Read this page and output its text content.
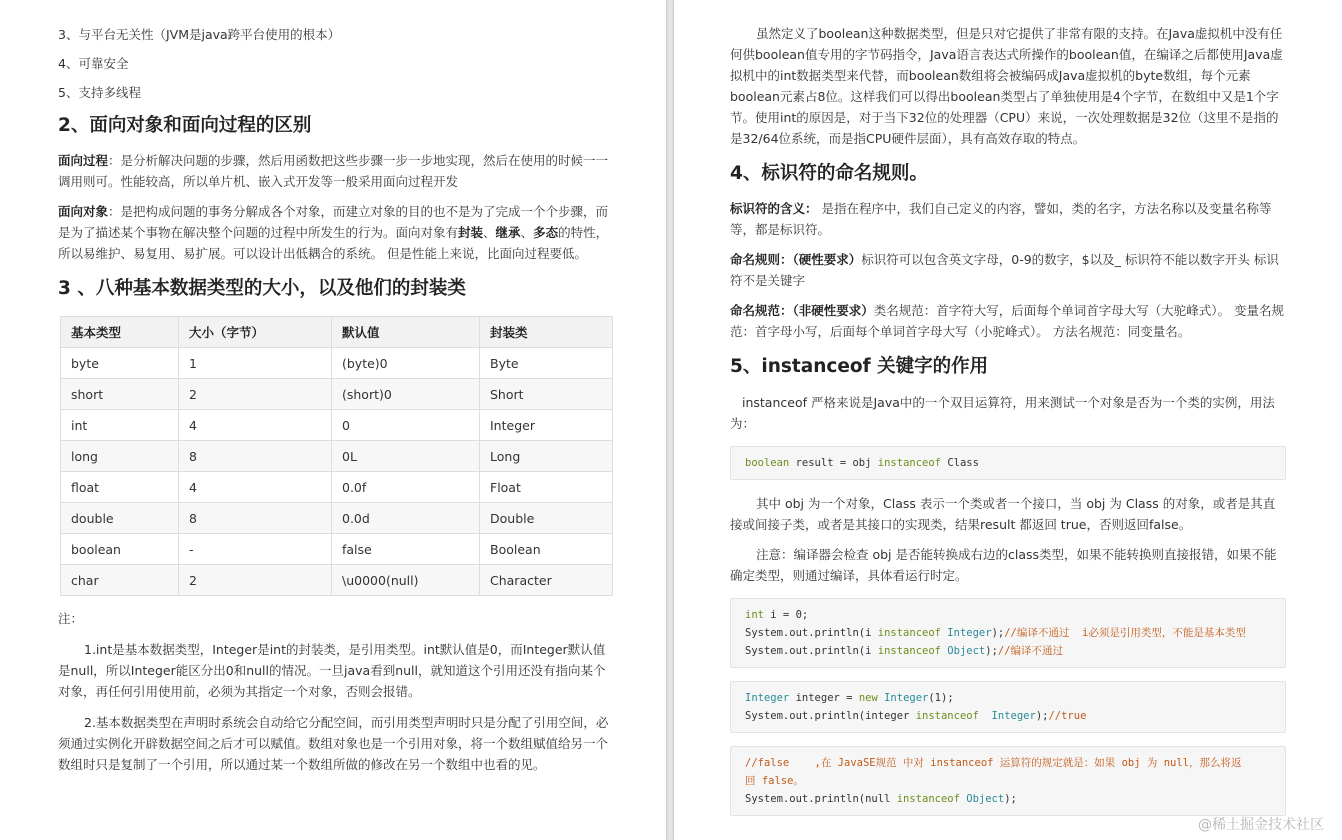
3、与平台无关性（JVM是java跨平台使用的根本）

4、可靠安全

5、支持多线程

2、面向对象和面向过程的区别

面向过程：是分析解决问题的步骤，然后用函数把这些步骤一步一步地实现，然后在使用的时候一一调用则可。性能较高，所以单片机、嵌入式开发等一般采用面向过程开发

面向对象：是把构成问题的事务分解成各个对象，而建立对象的目的也不是为了完成一个个步骤，而是为了描述某个事物在解决整个问题的过程中所发生的行为。面向对象有封装、继承、多态的特性，所以易维护、易复用、易扩展。可以设计出低耦合的系统。 但是性能上来说，比面向过程要低。

3 、八种基本数据类型的大小，以及他们的封装类
基本类型	大小（字节）	默认值	封装类
byte	1	(byte)0	Byte
short	2	(short)0	Short
int	4	0	Integer
long	8	0L	Long
float	4	0.0f	Float
double	8	0.0d	Double
boolean	-	false	Boolean
char	2	\u0000(null)	Character

注：

1.int是基本数据类型，Integer是int的封装类，是引用类型。int默认值是0，而Integer默认值是null，所以Integer能区分出0和null的情况。一旦java看到null，就知道这个引用还没有指向某个对象，再任何引用使用前，必须为其指定一个对象，否则会报错。

2.基本数据类型在声明时系统会自动给它分配空间，而引用类型声明时只是分配了引用空间，必须通过实例化开辟数据空间之后才可以赋值。数组对象也是一个引用对象，将一个数组赋值给另一个数组时只是复制了一个引用，所以通过某一个数组所做的修改在另一个数组中也看的见。

虽然定义了boolean这种数据类型，但是只对它提供了非常有限的支持。在Java虚拟机中没有任何供boolean值专用的字节码指令，Java语言表达式所操作的boolean值，在编译之后都使用Java虚拟机中的int数据类型来代替，而boolean数组将会被编码成Java虚拟机的byte数组，每个元素boolean元素占8位。这样我们可以得出boolean类型占了单独使用是4个字节，在数组中又是1个字节。使用int的原因是，对于当下32位的处理器（CPU）来说，一次处理数据是32位（这里不是指的是32/64位系统，而是指CPU硬件层面），具有高效存取的特点。

4、标识符的命名规则。

标识符的含义： 是指在程序中，我们自己定义的内容，譬如，类的名字，方法名称以及变量名称等等，都是标识符。

命名规则：（硬性要求）标识符可以包含英文字母，0-9的数字，$以及_ 标识符不能以数字开头 标识符不是关键字

命名规范：（非硬性要求）类名规范：首字符大写，后面每个单词首字母大写（大驼峰式）。 变量名规范：首字母小写，后面每个单词首字母大写（小驼峰式）。 方法名规范：同变量名。

5、instanceof 关键字的作用

instanceof 严格来说是Java中的一个双目运算符，用来测试一个对象是否为一个类的实例，用法为：

boolean result = obj instanceof Class

其中 obj 为一个对象，Class 表示一个类或者一个接口，当 obj 为 Class 的对象，或者是其直接或间接子类，或者是其接口的实现类，结果result 都返回 true，否则返回false。

注意：编译器会检查 obj 是否能转换成右边的class类型，如果不能转换则直接报错，如果不能确定类型，则通过编译，具体看运行时定。

int i = 0;
System.out.println(i instanceof Integer);//编译不通过  i必须是引用类型，不能是基本类型
System.out.println(i instanceof Object);//编译不通过
Integer integer = new Integer(1);
System.out.println(integer instanceof  Integer);//true
//false    ,在 JavaSE规范 中对 instanceof 运算符的规定就是：如果 obj 为 null，那么将返
回 false。
System.out.println(null instanceof Object);
@稀土掘金技术社区
